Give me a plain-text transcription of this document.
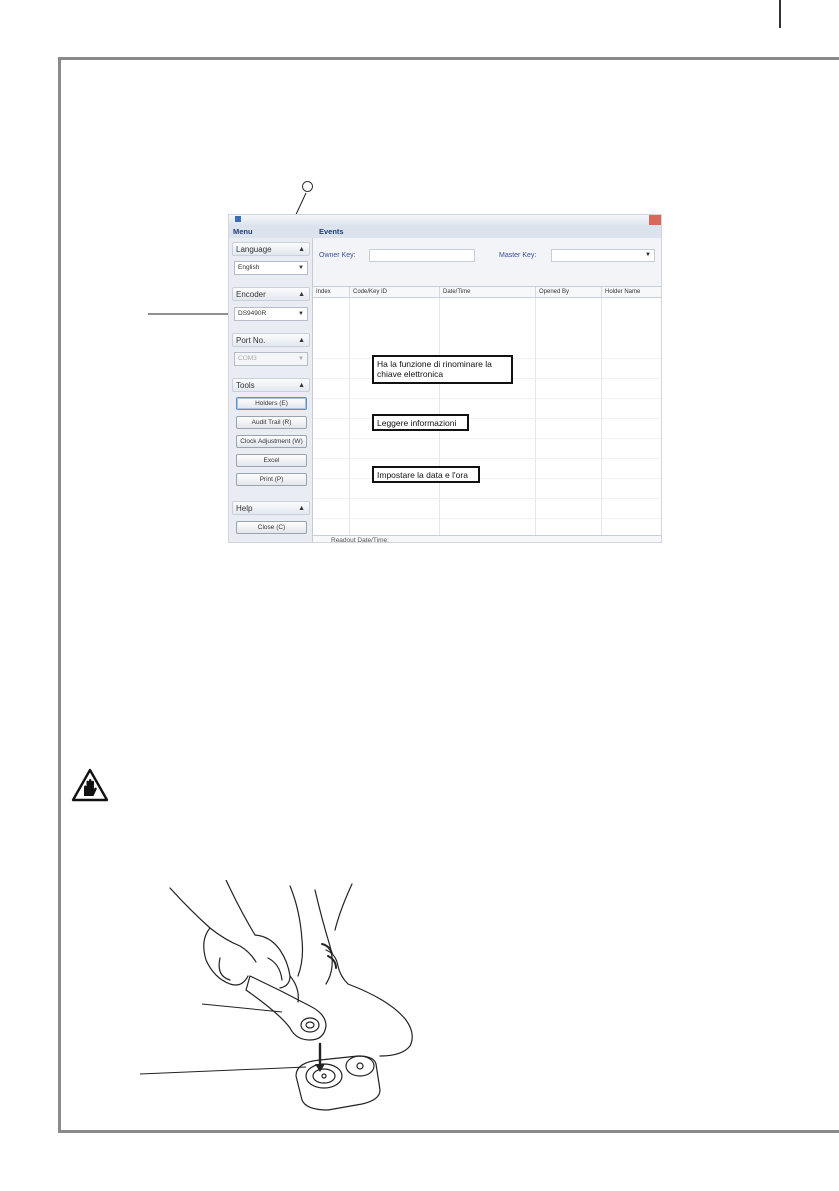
Menu
Language	▲
English	▼
Encoder	▲
DS9490R	▼
Port No.	▲
COM3	▼
Tools	▲
Holders (E)
Audit Trail (R)
Clock Adjustment (W)
Excel
Print (P)
Help	▲
Close (C)
Events
Owner Key:	Master Key:	▼
Index	Code/Key ID	Date/Time	Opened By	Holder Name
Readout Date/Time:
Ha la funzione di rinominare la chiave elettronica
Leggere informazioni
Impostare la data e l'ora
